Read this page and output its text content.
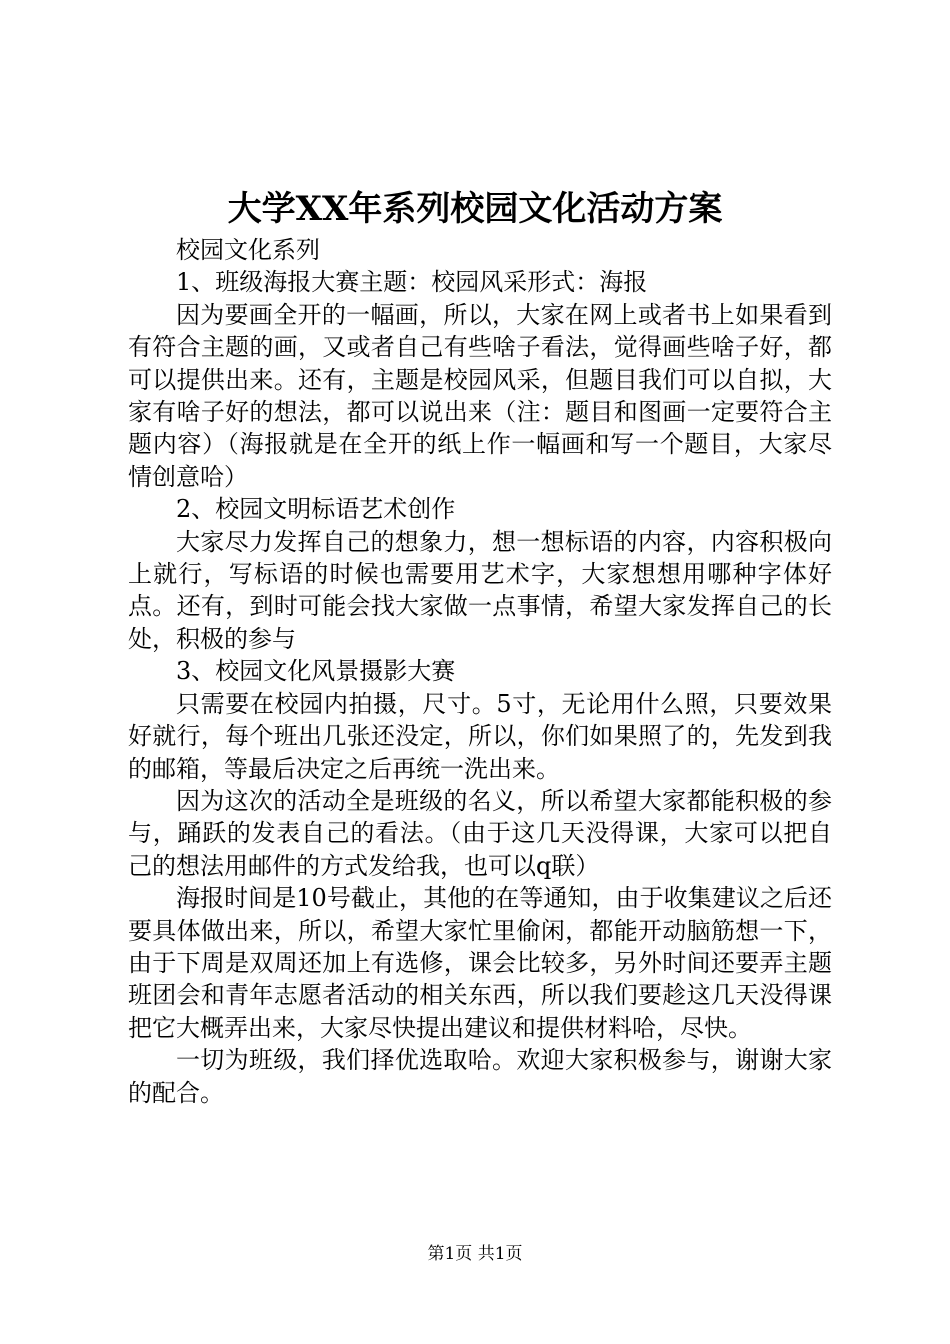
大学XX年系列校园文化活动方案

校园文化系列

1、班级海报大赛主题：校园风采形式：海报

因为要画全开的一幅画，所以，大家在网上或者书上如果看到有符合主题的画，又或者自己有些啥子看法，觉得画些啥子好，都可以提供出来。还有，主题是校园风采，但题目我们可以自拟，大家有啥子好的想法，都可以说出来（注：题目和图画一定要符合主题内容）（海报就是在全开的纸上作一幅画和写一个题目，大家尽情创意哈）

2、校园文明标语艺术创作

大家尽力发挥自己的想象力，想一想标语的内容，内容积极向上就行，写标语的时候也需要用艺术字，大家想想用哪种字体好点。还有，到时可能会找大家做一点事情，希望大家发挥自己的长处，积极的参与

3、校园文化风景摄影大赛

只需要在校园内拍摄，尺寸。5寸，无论用什么照，只要效果好就行，每个班出几张还没定，所以，你们如果照了的，先发到我的邮箱，等最后决定之后再统一洗出来。

因为这次的活动全是班级的名义，所以希望大家都能积极的参与，踊跃的发表自己的看法。（由于这几天没得课，大家可以把自己的想法用邮件的方式发给我，也可以q联）

海报时间是10号截止，其他的在等通知，由于收集建议之后还要具体做出来，所以，希望大家忙里偷闲，都能开动脑筋想一下，由于下周是双周还加上有选修，课会比较多，另外时间还要弄主题班团会和青年志愿者活动的相关东西，所以我们要趁这几天没得课把它大概弄出来，大家尽快提出建议和提供材料哈，尽快。

一切为班级，我们择优选取哈。欢迎大家积极参与，谢谢大家的配合。

第1页 共1页
